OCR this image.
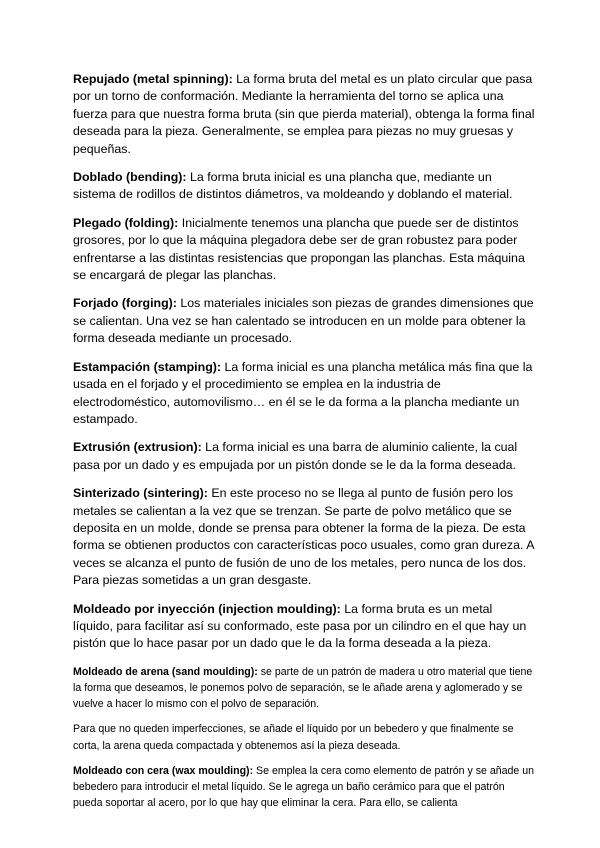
Repujado (metal spinning): La forma bruta del metal es un plato circular que pasa por un torno de conformación. Mediante la herramienta del torno se aplica una fuerza para que nuestra forma bruta (sin que pierda material), obtenga la forma final deseada para la pieza. Generalmente, se emplea para piezas no muy gruesas y pequeñas.

Doblado (bending): La forma bruta inicial es una plancha que, mediante un sistema de rodillos de distintos diámetros, va moldeando y doblando el material.

Plegado (folding): Inicialmente tenemos una plancha que puede ser de distintos grosores, por lo que la máquina plegadora debe ser de gran robustez para poder enfrentarse a las distintas resistencias que propongan las planchas. Esta máquina se encargará de plegar las planchas.

Forjado (forging): Los materiales iniciales son piezas de grandes dimensiones que se calientan. Una vez se han calentado se introducen en un molde para obtener la forma deseada mediante un procesado.

Estampación (stamping): La forma inicial es una plancha metálica más fina que la usada en el forjado y el procedimiento se emplea en la industria de electrodoméstico, automovilismo… en él se le da forma a la plancha mediante un estampado.

Extrusión (extrusion): La forma inicial es una barra de aluminio caliente, la cual pasa por un dado y es empujada por un pistón donde se le da la forma deseada.

Sinterizado (sintering): En este proceso no se llega al punto de fusión pero los metales se calientan a la vez que se trenzan. Se parte de polvo metálico que se deposita en un molde, donde se prensa para obtener la forma de la pieza. De esta forma se obtienen productos con características poco usuales, como gran dureza. A veces se alcanza el punto de fusión de uno de los metales, pero nunca de los dos. Para piezas sometidas a un gran desgaste.

Moldeado por inyección (injection moulding): La forma bruta es un metal líquido, para facilitar así su conformado, este pasa por un cilindro en el que hay un pistón que lo hace pasar por un dado que le da la forma deseada a la pieza.

Moldeado de arena (sand moulding): se parte de un patrón de madera u otro material que tiene la forma que deseamos, le ponemos polvo de separación, se le añade arena y aglomerado y se vuelve a hacer lo mismo con el polvo de separación.

Para que no queden imperfecciones, se añade el líquido por un bebedero y que finalmente se corta, la arena queda compactada y obtenemos así la pieza deseada.

Moldeado con cera (wax moulding): Se emplea la cera como elemento de patrón y se añade un bebedero para introducir el metal líquido. Se le agrega un baño cerámico para que el patrón pueda soportar al acero, por lo que hay que eliminar la cera. Para ello, se calienta
